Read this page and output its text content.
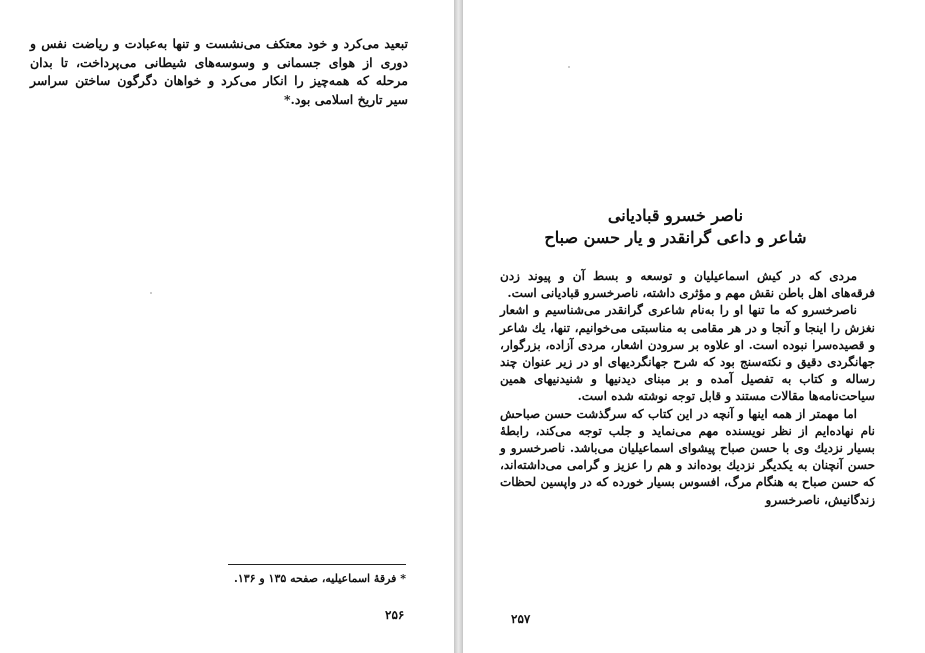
تبعید می‌کرد و خود معتکف می‌نشست و تنها به‌عبادت و ریاضت نفس و دوری از هوای جسمانی و وسوسه‌های شیطانی می‌پرداخت، تا بدان مرحله که همه‌چیز را انکار می‌کرد و خواهان دگرگون ساختن سراسر سیر تاریخ اسلامی بود.*
* فرقهٔ اسماعیلیه، صفحه ۱۳۵ و ۱۳۶.
۲۵۶
ناصر خسرو قبادیانی
شاعر و داعی گرانقدر و یار حسن صباح

مردی که در کیش اسماعیلیان و توسعه و بسط آن و پیوند زدن فرقه‌های اهل باطن نقش مهم و مؤثری داشته، ناصرخسرو قبادیانی است.

ناصرخسرو که ما تنها او را به‌نام شاعری گرانقدر می‌شناسیم و اشعار نغزش را اینجا و آنجا و در هر مقامی به مناسبتی می‌خوانیم، تنها، یك شاعر و قصیده‌سرا نبوده است. او علاوه بر سرودن اشعار، مردی آزاده، بزرگوار، جهانگردی دقیق و نکته‌سنج بود که شرح جهانگردیهای او در زیر عنوان چند رساله و کتاب به تفصیل آمده و بر مبنای دیدنیها و شنیدنیهای همین سیاحت‌نامه‌ها مقالات مستند و قابل توجه نوشته شده است.

اما مهمتر از همه اینها و آنچه در این کتاب که سرگذشت حسن صباحش نام نهاده‌ایم از نظر نویسنده مهم می‌نماید و جلب توجه می‌کند، رابطهٔ بسیار نزدیك وی با حسن صباح پیشوای اسماعیلیان می‌باشد. ناصرخسرو و حسن آنچنان به یکدیگر نزدیك بوده‌اند و هم را عزیز و گرامی می‌داشته‌اند، که حسن صباح به هنگام مرگ، افسوس بسیار خورده که در واپسین لحظات زندگانیش، ناصرخسرو

۲۵۷
